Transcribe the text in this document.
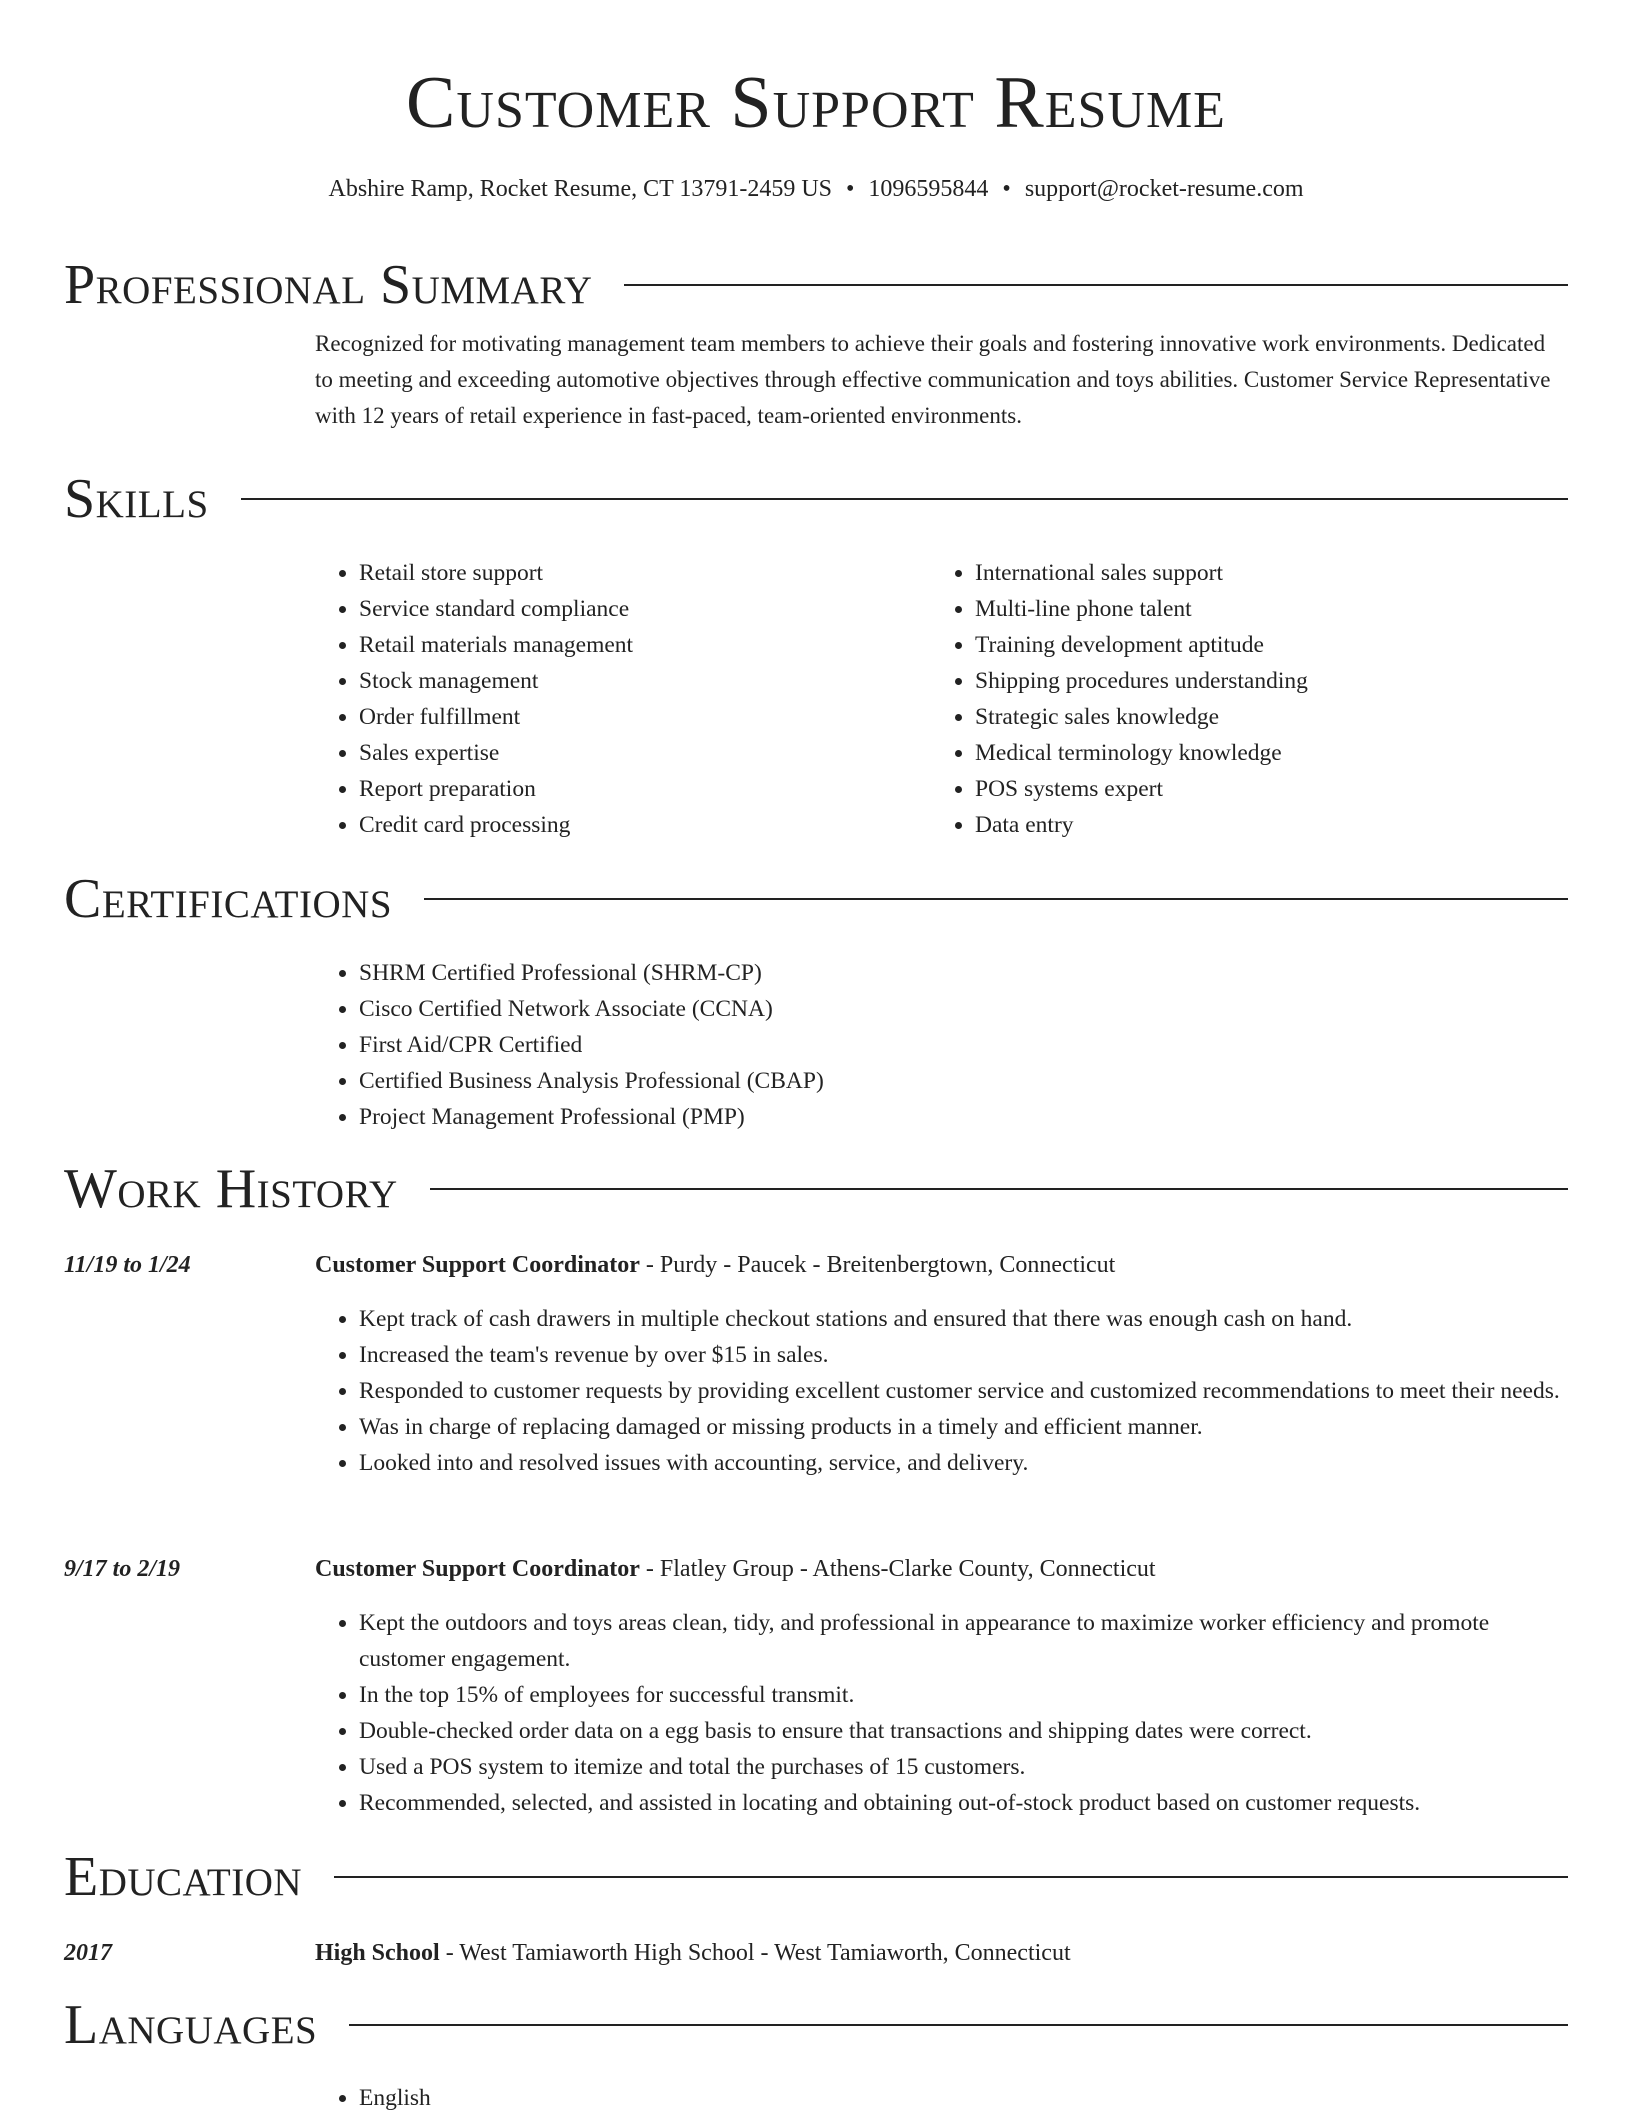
Customer Support Resume
Abshire Ramp, Rocket Resume, CT 13791-2459 US • 1096595844 • support@rocket-resume.com
Professional Summary
Recognized for motivating management team members to achieve their goals and fostering innovative work environments. Dedicated to meeting and exceeding automotive objectives through effective communication and toys abilities. Customer Service Representative with 12 years of retail experience in fast-paced, team-oriented environments.
Skills
• Retail store support
• Service standard compliance
• Retail materials management
• Stock management
• Order fulfillment
• Sales expertise
• Report preparation
• Credit card processing
• International sales support
• Multi-line phone talent
• Training development aptitude
• Shipping procedures understanding
• Strategic sales knowledge
• Medical terminology knowledge
• POS systems expert
• Data entry
Certifications
• SHRM Certified Professional (SHRM-CP)
• Cisco Certified Network Associate (CCNA)
• First Aid/CPR Certified
• Certified Business Analysis Professional (CBAP)
• Project Management Professional (PMP)
Work History
11/19 to 1/24	Customer Support Coordinator - Purdy - Paucek - Breitenbergtown, Connecticut
• Kept track of cash drawers in multiple checkout stations and ensured that there was enough cash on hand.
• Increased the team's revenue by over $15 in sales.
• Responded to customer requests by providing excellent customer service and customized recommendations to meet their needs.
• Was in charge of replacing damaged or missing products in a timely and efficient manner.
• Looked into and resolved issues with accounting, service, and delivery.
9/17 to 2/19	Customer Support Coordinator - Flatley Group - Athens-Clarke County, Connecticut
• Kept the outdoors and toys areas clean, tidy, and professional in appearance to maximize worker efficiency and promote customer engagement.
• In the top 15% of employees for successful transmit.
• Double-checked order data on a egg basis to ensure that transactions and shipping dates were correct.
• Used a POS system to itemize and total the purchases of 15 customers.
• Recommended, selected, and assisted in locating and obtaining out-of-stock product based on customer requests.
Education
2017	High School - West Tamiaworth High School - West Tamiaworth, Connecticut
Languages
• English
